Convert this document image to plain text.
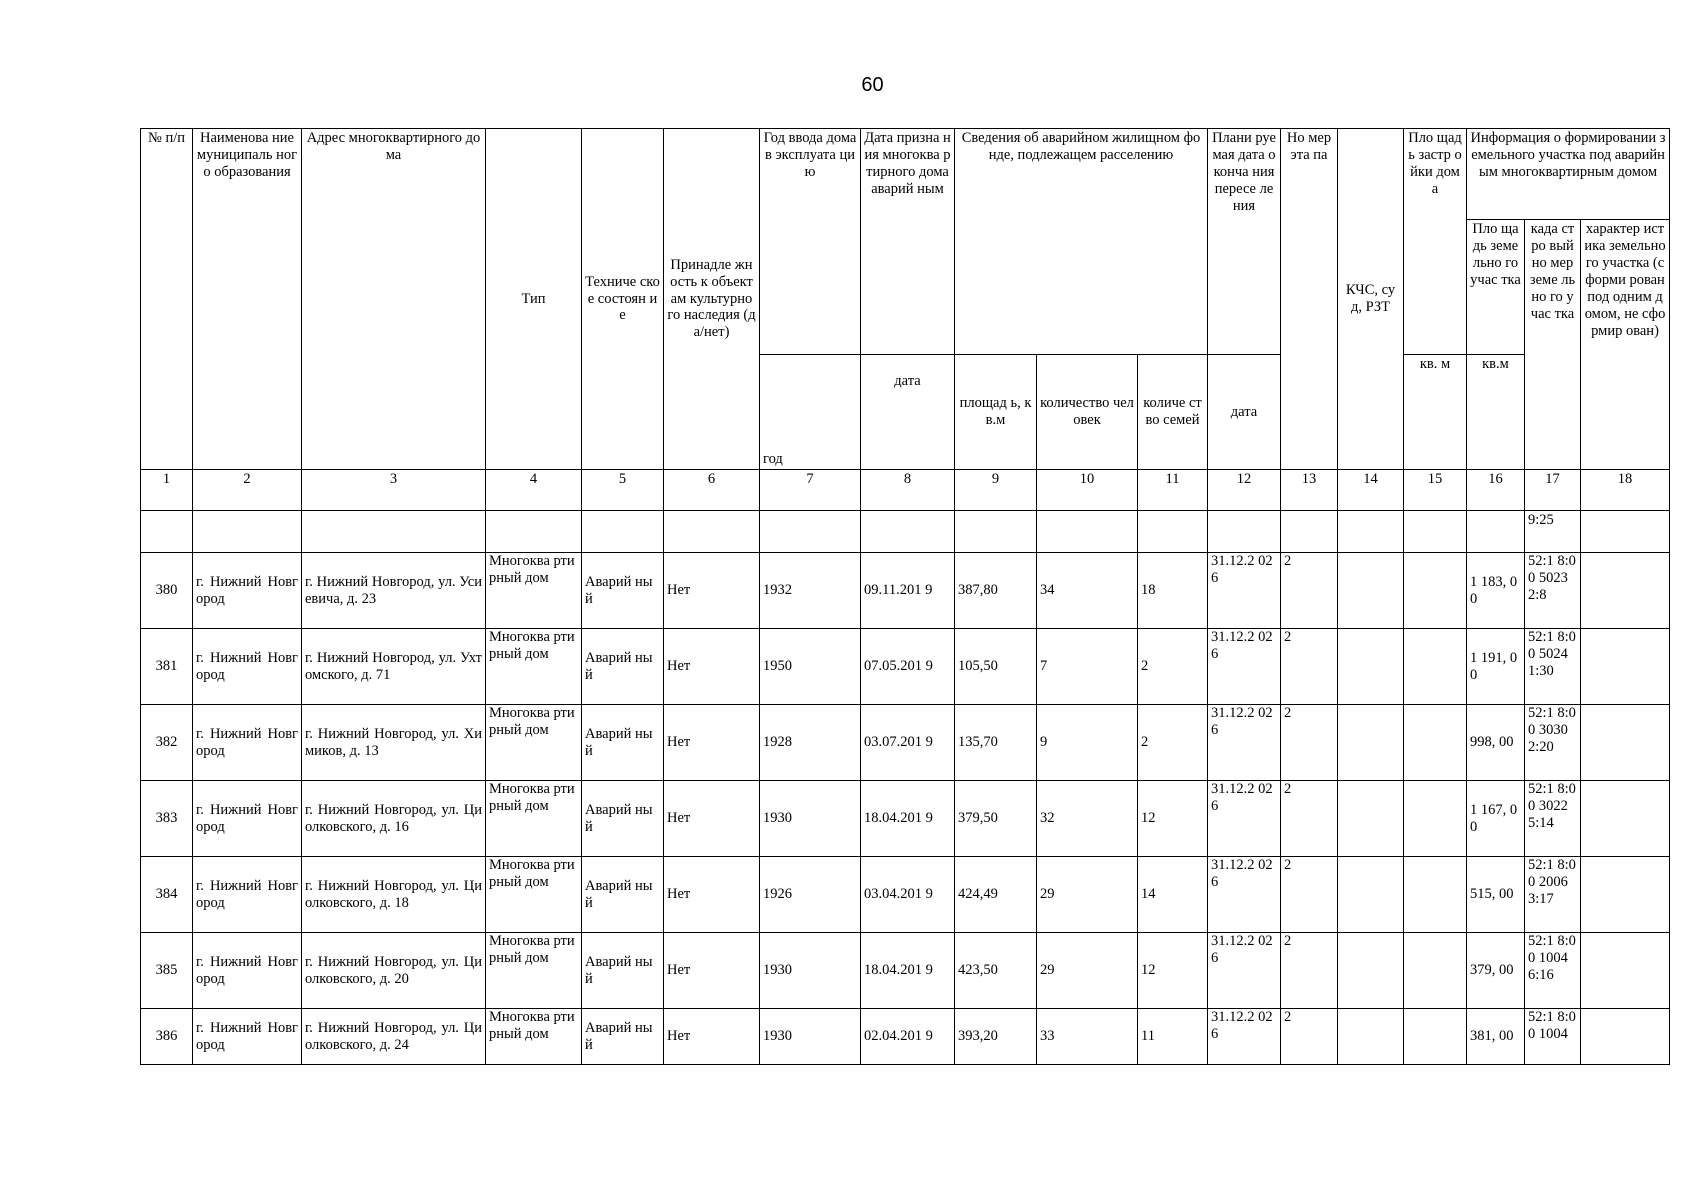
60
№ п/п	Наименова ние муниципаль ного образования	Адрес многоквартирного дома	Тип	Техниче ское состоян ие	Принадле жность к объектам культурно го наследия (да/нет)	Год ввода дома в эксплуата цию	Дата призна ния многоква ртирного дома аварий ным	Сведения об аварийном жилищном фонде, подлежащем расселению			Плани руемая дата оконча ния пересе ления	Но мер эта па	КЧС, суд, РЗТ	Пло щадь застр ойки дома	Информация о формировании земельного участка под аварийным многоквартирным домом		
															Пло щадь земе льно го учас тка	када стро вый но мер земе льно го учас тка	характер истика земельно го участка (сформи рован под одним домом, не сформир ован)
						год	дата	площад ь, кв.м	количество человек	количе ство семей	дата			кв. м	кв.м		
1	2	3	4	5	6	7	8	9	10	11	12	13	14	15	16	17	18
																9:25	
380	г. Нижний Новгород	г. Нижний Новгород, ул. Усиевича, д. 23	Многоква ртирный дом	Аварий ный	Нет	1932	09.11.201 9	387,80	34	18	31.12.2 026	2			1 183, 00	52:1 8:00 5023 2:8	
381	г. Нижний Новгород	г. Нижний Новгород, ул. Ухтомского, д. 71	Многоква ртирный дом	Аварий ный	Нет	1950	07.05.201 9	105,50	7	2	31.12.2 026	2			1 191, 00	52:1 8:00 5024 1:30	
382	г. Нижний Новгород	г. Нижний Новгород, ул. Химиков, д. 13	Многоква ртирный дом	Аварий ный	Нет	1928	03.07.201 9	135,70	9	2	31.12.2 026	2			998, 00	52:1 8:00 3030 2:20	
383	г. Нижний Новгород	г. Нижний Новгород, ул. Циолковского, д. 16	Многоква ртирный дом	Аварий ный	Нет	1930	18.04.201 9	379,50	32	12	31.12.2 026	2			1 167, 00	52:1 8:00 3022 5:14	
384	г. Нижний Новгород	г. Нижний Новгород, ул. Циолковского, д. 18	Многоква ртирный дом	Аварий ный	Нет	1926	03.04.201 9	424,49	29	14	31.12.2 026	2			515, 00	52:1 8:00 2006 3:17	
385	г. Нижний Новгород	г. Нижний Новгород, ул. Циолковского, д. 20	Многоква ртирный дом	Аварий ный	Нет	1930	18.04.201 9	423,50	29	12	31.12.2 026	2			379, 00	52:1 8:00 1004 6:16	
386	г. Нижний Новгород	г. Нижний Новгород, ул. Циолковского, д. 24	Многоква ртирный дом	Аварий ный	Нет	1930	02.04.201 9	393,20	33	11	31.12.2 026	2			381, 00	52:1 8:00 1004	
